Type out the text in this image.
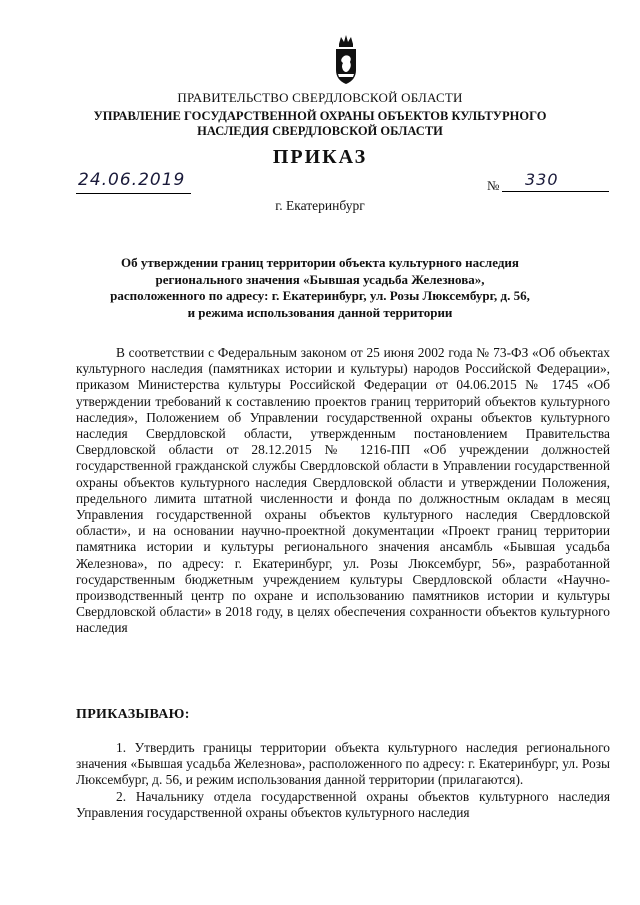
ПРАВИТЕЛЬСТВО СВЕРДЛОВСКОЙ ОБЛАСТИ
УПРАВЛЕНИЕ ГОСУДАРСТВЕННОЙ ОХРАНЫ ОБЪЕКТОВ КУЛЬТУРНОГО НАСЛЕДИЯ СВЕРДЛОВСКОЙ ОБЛАСТИ
ПРИКАЗ
24.06.2019	№ 330
г. Екатеринбург
Об утверждении границ территории объекта культурного наследия регионального значения «Бывшая усадьба Железнова», расположенного по адресу: г. Екатеринбург, ул. Розы Люксембург, д. 56, и режима использования данной территории

В соответствии с Федеральным законом от 25 июня 2002 года № 73-ФЗ «Об объектах культурного наследия (памятниках истории и культуры) народов Российской Федерации», приказом Министерства культуры Российской Федерации от 04.06.2015 № 1745 «Об утверждении требований к составлению проектов границ территорий объектов культурного наследия», Положением об Управлении государственной охраны объектов культурного наследия Свердловской области, утвержденным постановлением Правительства Свердловской области от 28.12.2015 № 1216-ПП «Об учреждении должностей государственной гражданской службы Свердловской области в Управлении государственной охраны объектов культурного наследия Свердловской области и утверждении Положения, предельного лимита штатной численности и фонда по должностным окладам в месяц Управления государственной охраны объектов культурного наследия Свердловской области», и на основании научно-проектной документации «Проект границ территории памятника истории и культуры регионального значения ансамбль «Бывшая усадьба Железнова», по адресу: г. Екатеринбург, ул. Розы Люксембург, 56», разработанной государственным бюджетным учреждением культуры Свердловской области «Научно-производственный центр по охране и использованию памятников истории и культуры Свердловской области» в 2018 году, в целях обеспечения сохранности объектов культурного наследия

ПРИКАЗЫВАЮ:

1. Утвердить границы территории объекта культурного наследия регионального значения «Бывшая усадьба Железнова», расположенного по адресу: г. Екатеринбург, ул. Розы Люксембург, д. 56, и режим использования данной территории (прилагаются).

2. Начальнику отдела государственной охраны объектов культурного наследия Управления государственной охраны объектов культурного наследия
